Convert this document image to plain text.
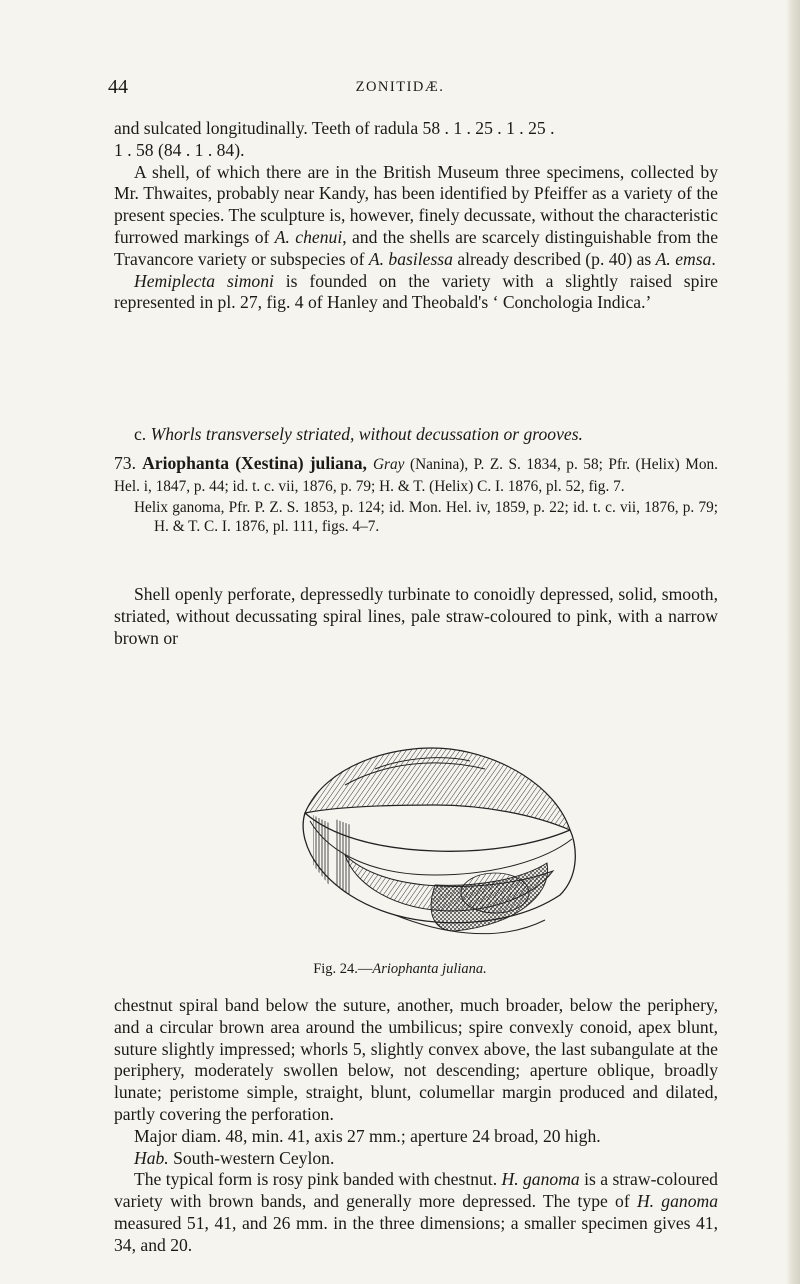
44	ZONITIDÆ.

and sulcated longitudinally. Teeth of radula 58 . 1 . 25 . 1 . 25 .

1 . 58 (84 . 1 . 84).

A shell, of which there are in the British Museum three specimens, collected by Mr. Thwaites, probably near Kandy, has been identified by Pfeiffer as a variety of the present species. The sculpture is, however, finely decussate, without the characteristic furrowed markings of A. chenui, and the shells are scarcely distinguishable from the Travancore variety or subspecies of A. basilessa already described (p. 40) as A. emsa.

Hemiplecta simoni is founded on the variety with a slightly raised spire represented in pl. 27, fig. 4 of Hanley and Theobald's ‘ Conchologia Indica.’

c. Whorls transversely striated, without decussation or grooves.

73. Ariophanta (Xestina) juliana, Gray (Nanina), P. Z. S. 1834, p. 58; Pfr. (Helix) Mon. Hel. i, 1847, p. 44; id. t. c. vii, 1876, p. 79; H. & T. (Helix) C. I. 1876, pl. 52, fig. 7.

Helix ganoma, Pfr. P. Z. S. 1853, p. 124; id. Mon. Hel. iv, 1859, p. 22; id. t. c. vii, 1876, p. 79; H. & T. C. I. 1876, pl. 111, figs. 4–7.

Shell openly perforate, depressedly turbinate to conoidly depressed, solid, smooth, striated, without decussating spiral lines, pale straw-coloured to pink, with a narrow brown or

Fig. 24.—Ariophanta juliana.

chestnut spiral band below the suture, another, much broader, below the periphery, and a circular brown area around the umbilicus; spire convexly conoid, apex blunt, suture slightly impressed; whorls 5, slightly convex above, the last subangulate at the periphery, moderately swollen below, not descending; aperture oblique, broadly lunate; peristome simple, straight, blunt, columellar margin produced and dilated, partly covering the perforation.

Major diam. 48, min. 41, axis 27 mm.; aperture 24 broad, 20 high.

Hab. South-western Ceylon.

The typical form is rosy pink banded with chestnut. H. ganoma is a straw-coloured variety with brown bands, and generally more depressed. The type of H. ganoma measured 51, 41, and 26 mm. in the three dimensions; a smaller specimen gives 41, 34, and 20.
